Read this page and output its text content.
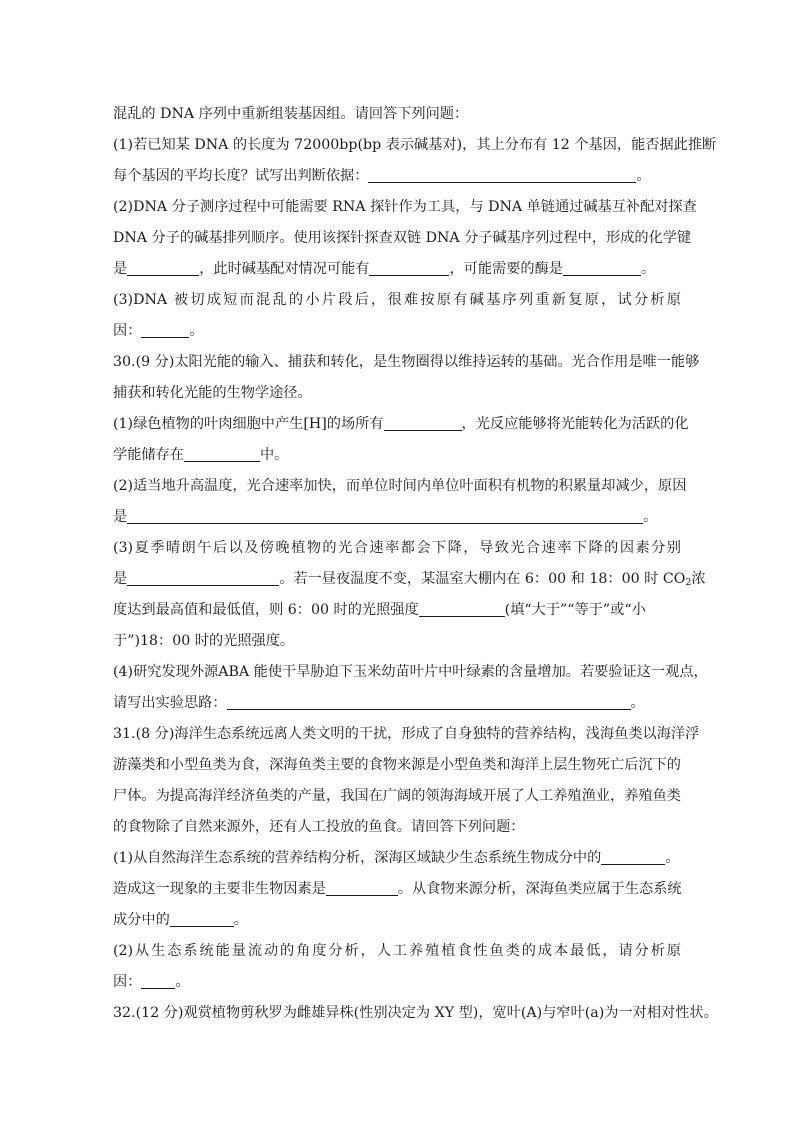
混乱的 DNA 序列中重新组装基因组。请回答下列问题：
(1)若已知某 DNA 的长度为 72000bp(bp 表示碱基对)，其上分布有 12 个基因，能否据此推断
每个基因的平均长度？试写出判断依据：	。
(2)DNA 分子测序过程中可能需要 RNA 探针作为工具，与 DNA 单链通过碱基互补配对探查
DNA 分子的碱基排列顺序。使用该探针探查双链 DNA 分子碱基序列过程中，形成的化学键
是	，此时碱基配对情况可能有	，可能需要的酶是	。
(3)DNA 被切成短而混乱的小片段后，很难按原有碱基序列重新复原，试分析原
因：	。
30.(9 分)太阳光能的输入、捕获和转化，是生物圈得以维持运转的基础。光合作用是唯一能够
捕获和转化光能的生物学途径。
(1)绿色植物的叶肉细胞中产生[H]的场所有	，光反应能够将光能转化为活跃的化
学能储存在	中。
(2)适当地升高温度，光合速率加快，而单位时间内单位叶面积有机物的积累量却减少，原因
是	。
(3)夏季晴朗午后以及傍晚植物的光合速率都会下降，导致光合速率下降的因素分别
是	。若一昼夜温度不变，某温室大棚内在 6：00 和 18：00 时 $CO_2$浓
度达到最高值和最低值，则 6：00 时的光照强度	(填“大于”“等于”或“小
于”)18：00 时的光照强度。
(4)研究发现外源ABA 能使干旱胁迫下玉米幼苗叶片中叶绿素的含量增加。若要验证这一观点，
请写出实验思路：	。
31.(8 分)海洋生态系统远离人类文明的干扰，形成了自身独特的营养结构，浅海鱼类以海洋浮
游藻类和小型鱼类为食，深海鱼类主要的食物来源是小型鱼类和海洋上层生物死亡后沉下的
尸体。为提高海洋经济鱼类的产量，我国在广阔的领海海域开展了人工养殖渔业，养殖鱼类
的食物除了自然来源外，还有人工投放的鱼食。请回答下列问题：
(1)从自然海洋生态系统的营养结构分析，深海区域缺少生态系统生物成分中的	。
造成这一现象的主要非生物因素是	。从食物来源分析，深海鱼类应属于生态系统
成分中的	。
(2)从生态系统能量流动的角度分析，人工养殖植食性鱼类的成本最低，请分析原
因： 。
32.(12 分)观赏植物剪秋罗为雌雄异株(性别决定为 XY 型)，宽叶(A)与窄叶(a)为一对相对性状。
